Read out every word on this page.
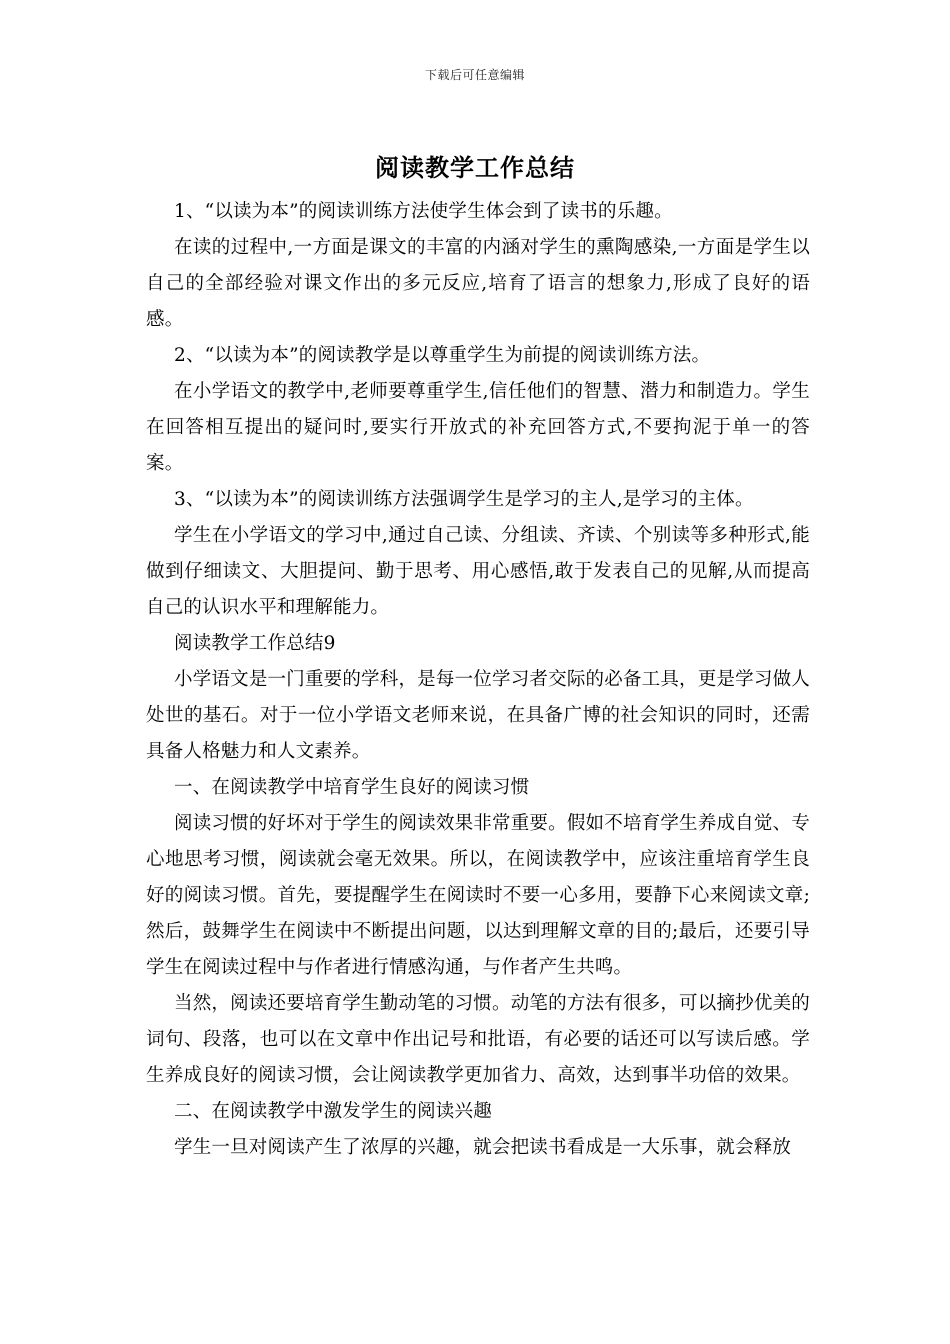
下载后可任意编辑
阅读教学工作总结

1、“以读为本”的阅读训练方法使学生体会到了读书的乐趣。

在读的过程中,一方面是课文的丰富的内涵对学生的熏陶感染,一方面是学生以自己的全部经验对课文作出的多元反应,培育了语言的想象力,形成了良好的语感。

2、“以读为本”的阅读教学是以尊重学生为前提的阅读训练方法。

在小学语文的教学中,老师要尊重学生,信任他们的智慧、潜力和制造力。学生在回答相互提出的疑问时,要实行开放式的补充回答方式,不要拘泥于单一的答案。

3、“以读为本”的阅读训练方法强调学生是学习的主人,是学习的主体。

学生在小学语文的学习中,通过自己读、分组读、齐读、个别读等多种形式,能做到仔细读文、大胆提问、勤于思考、用心感悟,敢于发表自己的见解,从而提高自己的认识水平和理解能力。

阅读教学工作总结9

小学语文是一门重要的学科，是每一位学习者交际的必备工具，更是学习做人处世的基石。对于一位小学语文老师来说，在具备广博的社会知识的同时，还需具备人格魅力和人文素养。

一、在阅读教学中培育学生良好的阅读习惯

阅读习惯的好坏对于学生的阅读效果非常重要。假如不培育学生养成自觉、专心地思考习惯，阅读就会毫无效果。所以，在阅读教学中，应该注重培育学生良好的阅读习惯。首先，要提醒学生在阅读时不要一心多用，要静下心来阅读文章;然后，鼓舞学生在阅读中不断提出问题，以达到理解文章的目的;最后，还要引导学生在阅读过程中与作者进行情感沟通，与作者产生共鸣。

当然，阅读还要培育学生勤动笔的习惯。动笔的方法有很多，可以摘抄优美的词句、段落，也可以在文章中作出记号和批语，有必要的话还可以写读后感。学生养成良好的阅读习惯，会让阅读教学更加省力、高效，达到事半功倍的效果。

二、在阅读教学中激发学生的阅读兴趣

学生一旦对阅读产生了浓厚的兴趣，就会把读书看成是一大乐事，就会释放
